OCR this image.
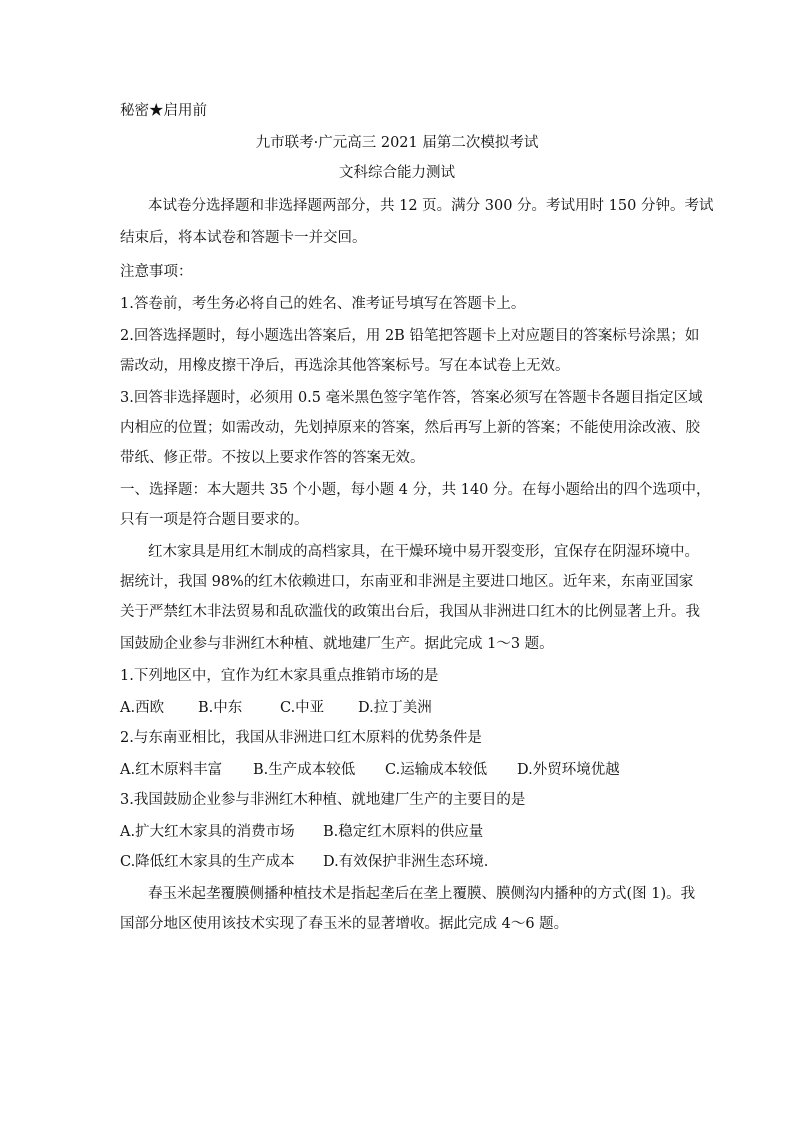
秘密★启用前
九市联考·广元高三 2021 届第二次模拟考试
文科综合能力测试
本试卷分选择题和非选择题两部分，共 12 页。满分 300 分。考试用时 150 分钟。考试
结束后，将本试卷和答题卡一并交回。
注意事项：
1.答卷前，考生务必将自己的姓名、准考证号填写在答题卡上。
2.回答选择题时，每小题选出答案后，用 2B 铅笔把答题卡上对应题目的答案标号涂黑；如
需改动，用橡皮擦干净后，再选涂其他答案标号。写在本试卷上无效。
3.回答非选择题时，必须用 0.5 毫米黑色签字笔作答，答案必须写在答题卡各题目指定区域
内相应的位置；如需改动，先划掉原来的答案，然后再写上新的答案；不能使用涂改液、胶
带纸、修正带。不按以上要求作答的答案无效。
一、选择题：本大题共 35 个小题，每小题 4 分，共 140 分。在每小题给出的四个选项中，
只有一项是符合题目要求的。
红木家具是用红木制成的高档家具，在干燥环境中易开裂变形，宜保存在阴湿环境中。
据统计，我国 98%的红木依赖进口，东南亚和非洲是主要进口地区。近年来，东南亚国家
关于严禁红木非法贸易和乱砍滥伐的政策出台后，我国从非洲进口红木的比例显著上升。我
国鼓励企业参与非洲红木种植、就地建厂生产。据此完成 1～3 题。
1.下列地区中，宜作为红木家具重点推销市场的是
A.西欧 B.中东	C.中亚 D.拉丁美洲
2.与东南亚相比，我国从非洲进口红木原料的优势条件是
A.红木原料丰富 B.生产成本较低 C.运输成本较低 D.外贸环境优越
3.我国鼓励企业参与非洲红木种植、就地建厂生产的主要目的是
A.扩大红木家具的消费市场 B.稳定红木原料的供应量
C.降低红木家具的生产成本 D.有效保护非洲生态环境.
春玉米起垄覆膜侧播种植技术是指起垄后在垄上覆膜、膜侧沟内播种的方式(图 1)。我
国部分地区使用该技术实现了春玉米的显著增收。据此完成 4～6 题。
